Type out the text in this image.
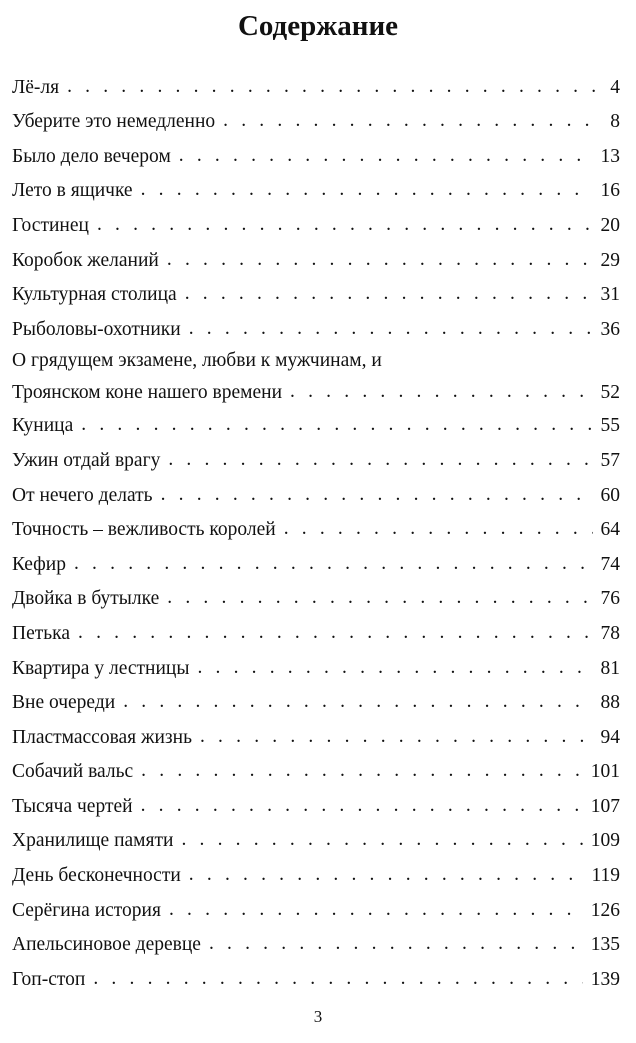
Содержание
Лё-ля .....	4
Уберите это немедленно .....	8
Было дело вечером .....	13
Лето в ящичке .....	16
Гостинец .....	20
Коробок желаний .....	29
Культурная столица .....	31
Рыболовы-охотники .....	36
О грядущем экзамене, любви к мужчинам, и
Троянском коне нашего времени .....	52
Куница .....	55
Ужин отдай врагу .....	57
От нечего делать .....	60
Точность – вежливость королей .....	64
Кефир .....	74
Двойка в бутылке .....	76
Петька .....	78
Квартира у лестницы .....	81
Вне очереди .....	88
Пластмассовая жизнь .....	94
Собачий вальс .....	101
Тысяча чертей .....	107
Хранилище памяти .....	109
День бесконечности .....	119
Серёгина история .....	126
Апельсиновое деревце .....	135
Гоп-стоп .....	139
3
